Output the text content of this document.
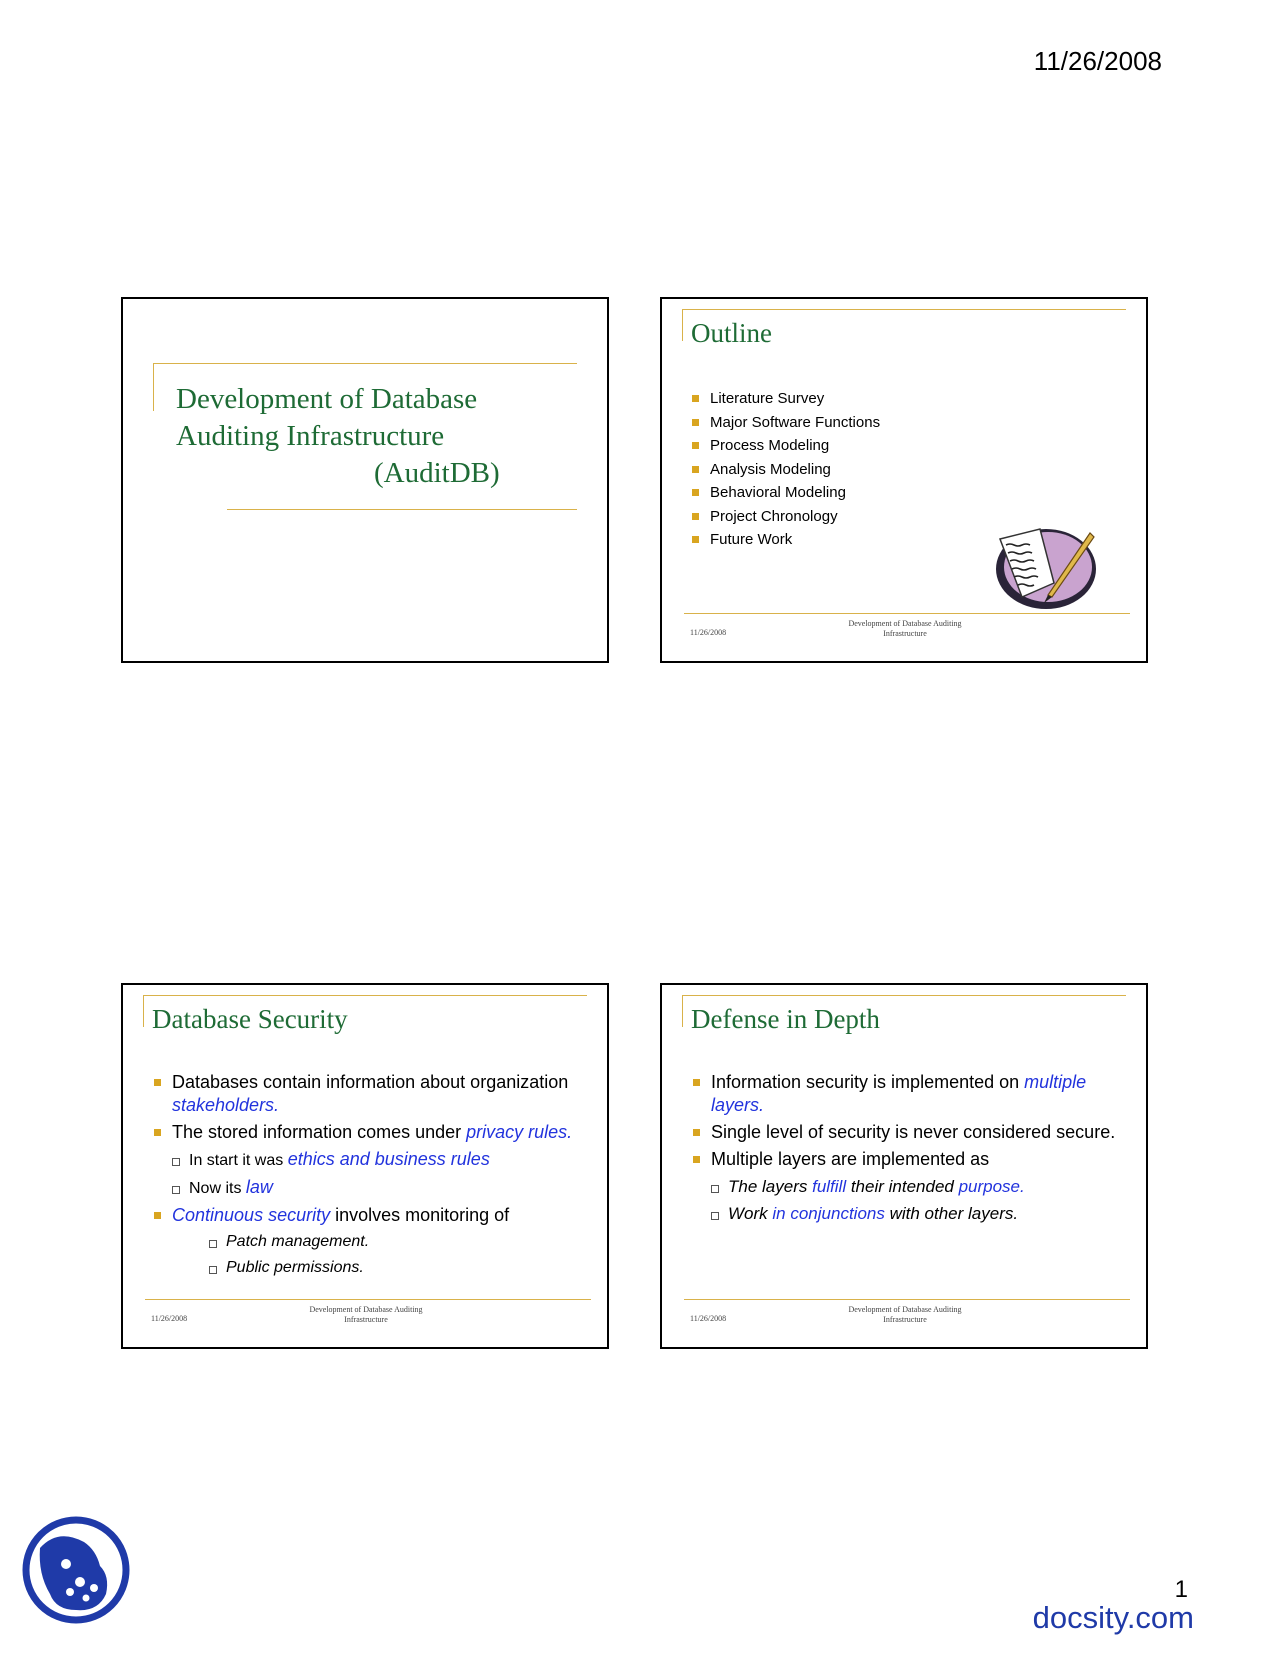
11/26/2008
Development of Database
Auditing Infrastructure
(AuditDB)
Outline
Literature Survey
Major Software Functions
Process Modeling
Analysis Modeling
Behavioral Modeling
Project Chronology
Future Work
11/26/2008
Development of Database Auditing
Infrastructure
Database Security
Databases contain information about organization stakeholders.
The stored information comes under privacy rules.
In start it was ethics and business rules
Now its law
Continuous security involves monitoring of
Patch management.
Public permissions.
11/26/2008
Development of Database Auditing
Infrastructure
Defense in Depth
Information security is implemented on multiple layers.
Single level of security is never considered secure.
Multiple layers are implemented as
The layers fulfill their intended purpose.
Work in conjunctions with other layers.
11/26/2008
Development of Database Auditing
Infrastructure
1
docsity.com
